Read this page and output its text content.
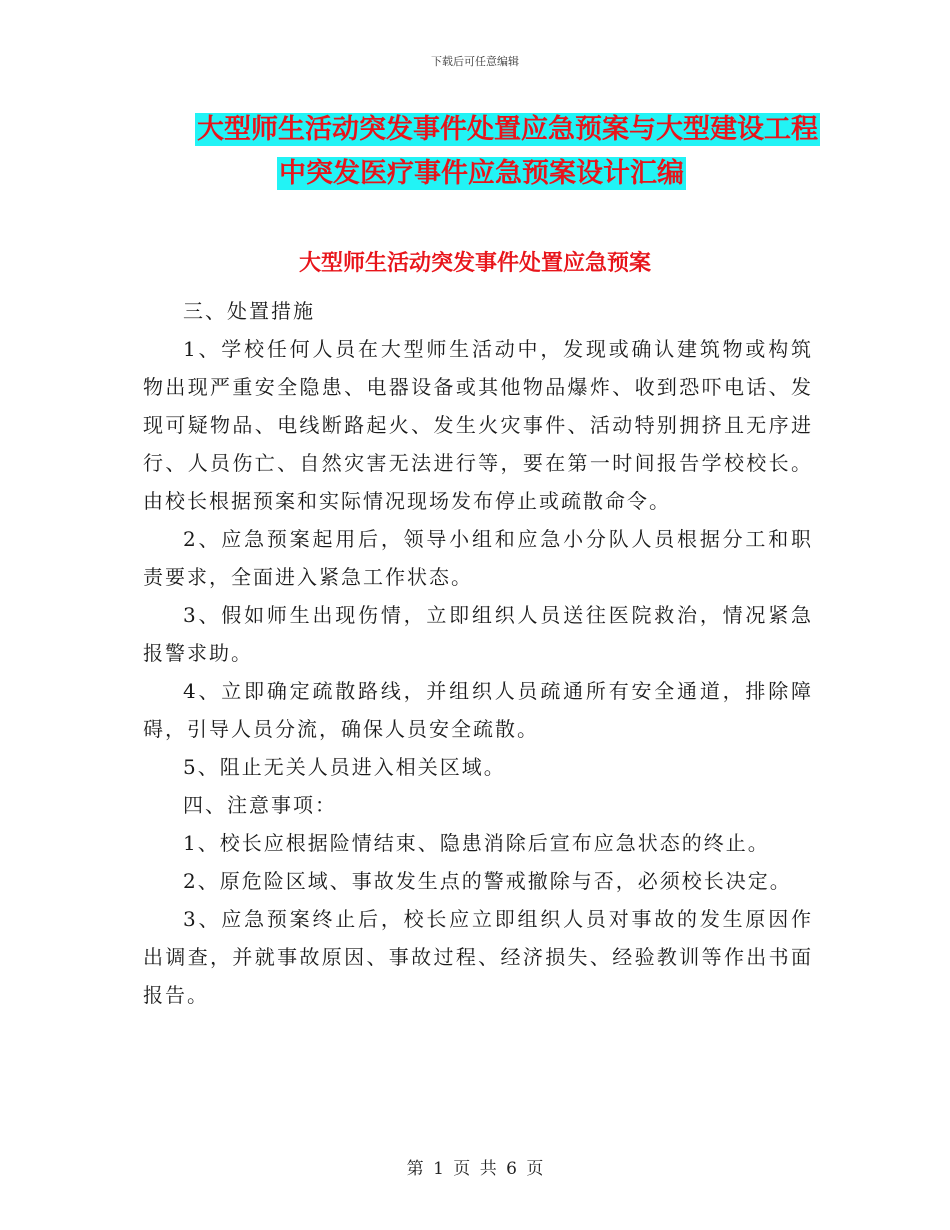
下载后可任意编辑
大型师生活动突发事件处置应急预案与大型建设工程
中突发医疗事件应急预案设计汇编
大型师生活动突发事件处置应急预案

三、处置措施

1、学校任何人员在大型师生活动中，发现或确认建筑物或构筑物出现严重安全隐患、电器设备或其他物品爆炸、收到恐吓电话、发现可疑物品、电线断路起火、发生火灾事件、活动特别拥挤且无序进行、人员伤亡、自然灾害无法进行等，要在第一时间报告学校校长。由校长根据预案和实际情况现场发布停止或疏散命令。

2、应急预案起用后，领导小组和应急小分队人员根据分工和职责要求，全面进入紧急工作状态。

3、假如师生出现伤情，立即组织人员送往医院救治，情况紧急报警求助。

4、立即确定疏散路线，并组织人员疏通所有安全通道，排除障碍，引导人员分流，确保人员安全疏散。

5、阻止无关人员进入相关区域。

四、注意事项：

1、校长应根据险情结束、隐患消除后宣布应急状态的终止。

2、原危险区域、事故发生点的警戒撤除与否，必须校长决定。

3、应急预案终止后，校长应立即组织人员对事故的发生原因作出调查，并就事故原因、事故过程、经济损失、经验教训等作出书面报告。

第 1 页 共 6 页
